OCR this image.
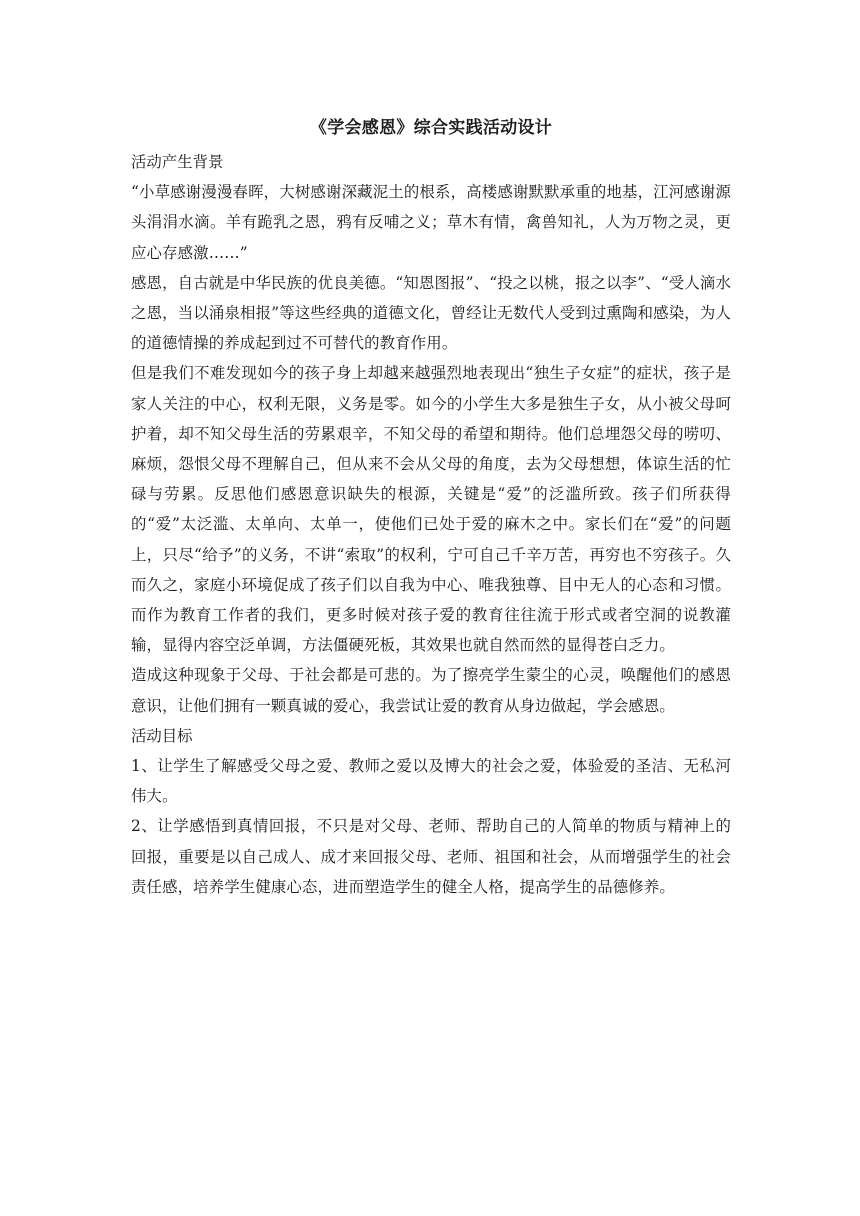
《学会感恩》综合实践活动设计

活动产生背景

“小草感谢漫漫春晖，大树感谢深藏泥土的根系，高楼感谢默默承重的地基，江河感谢源头涓涓水滴。羊有跪乳之恩，鸦有反哺之义；草木有情，禽兽知礼，人为万物之灵，更应心存感激……”

感恩，自古就是中华民族的优良美德。“知恩图报”、“投之以桃，报之以李”、“受人滴水之恩，当以涌泉相报”等这些经典的道德文化，曾经让无数代人受到过熏陶和感染，为人的道德情操的养成起到过不可替代的教育作用。

但是我们不难发现如今的孩子身上却越来越强烈地表现出“独生子女症”的症状，孩子是家人关注的中心，权利无限，义务是零。如今的小学生大多是独生子女，从小被父母呵护着，却不知父母生活的劳累艰辛，不知父母的希望和期待。他们总埋怨父母的唠叨、麻烦，怨恨父母不理解自己，但从来不会从父母的角度，去为父母想想，体谅生活的忙碌与劳累。反思他们感恩意识缺失的根源，关键是“爱”的泛滥所致。孩子们所获得的“爱”太泛滥、太单向、太单一，使他们已处于爱的麻木之中。家长们在“爱”的问题上，只尽“给予”的义务，不讲“索取”的权利，宁可自己千辛万苦，再穷也不穷孩子。久而久之，家庭小环境促成了孩子们以自我为中心、唯我独尊、目中无人的心态和习惯。而作为教育工作者的我们，更多时候对孩子爱的教育往往流于形式或者空洞的说教灌输，显得内容空泛单调，方法僵硬死板，其效果也就自然而然的显得苍白乏力。

造成这种现象于父母、于社会都是可悲的。为了擦亮学生蒙尘的心灵，唤醒他们的感恩意识，让他们拥有一颗真诚的爱心，我尝试让爱的教育从身边做起，学会感恩。

活动目标

1、让学生了解感受父母之爱、教师之爱以及博大的社会之爱，体验爱的圣洁、无私河伟大。

2、让学感悟到真情回报，不只是对父母、老师、帮助自己的人简单的物质与精神上的回报，重要是以自己成人、成才来回报父母、老师、祖国和社会，从而增强学生的社会责任感，培养学生健康心态，进而塑造学生的健全人格，提高学生的品德修养。
